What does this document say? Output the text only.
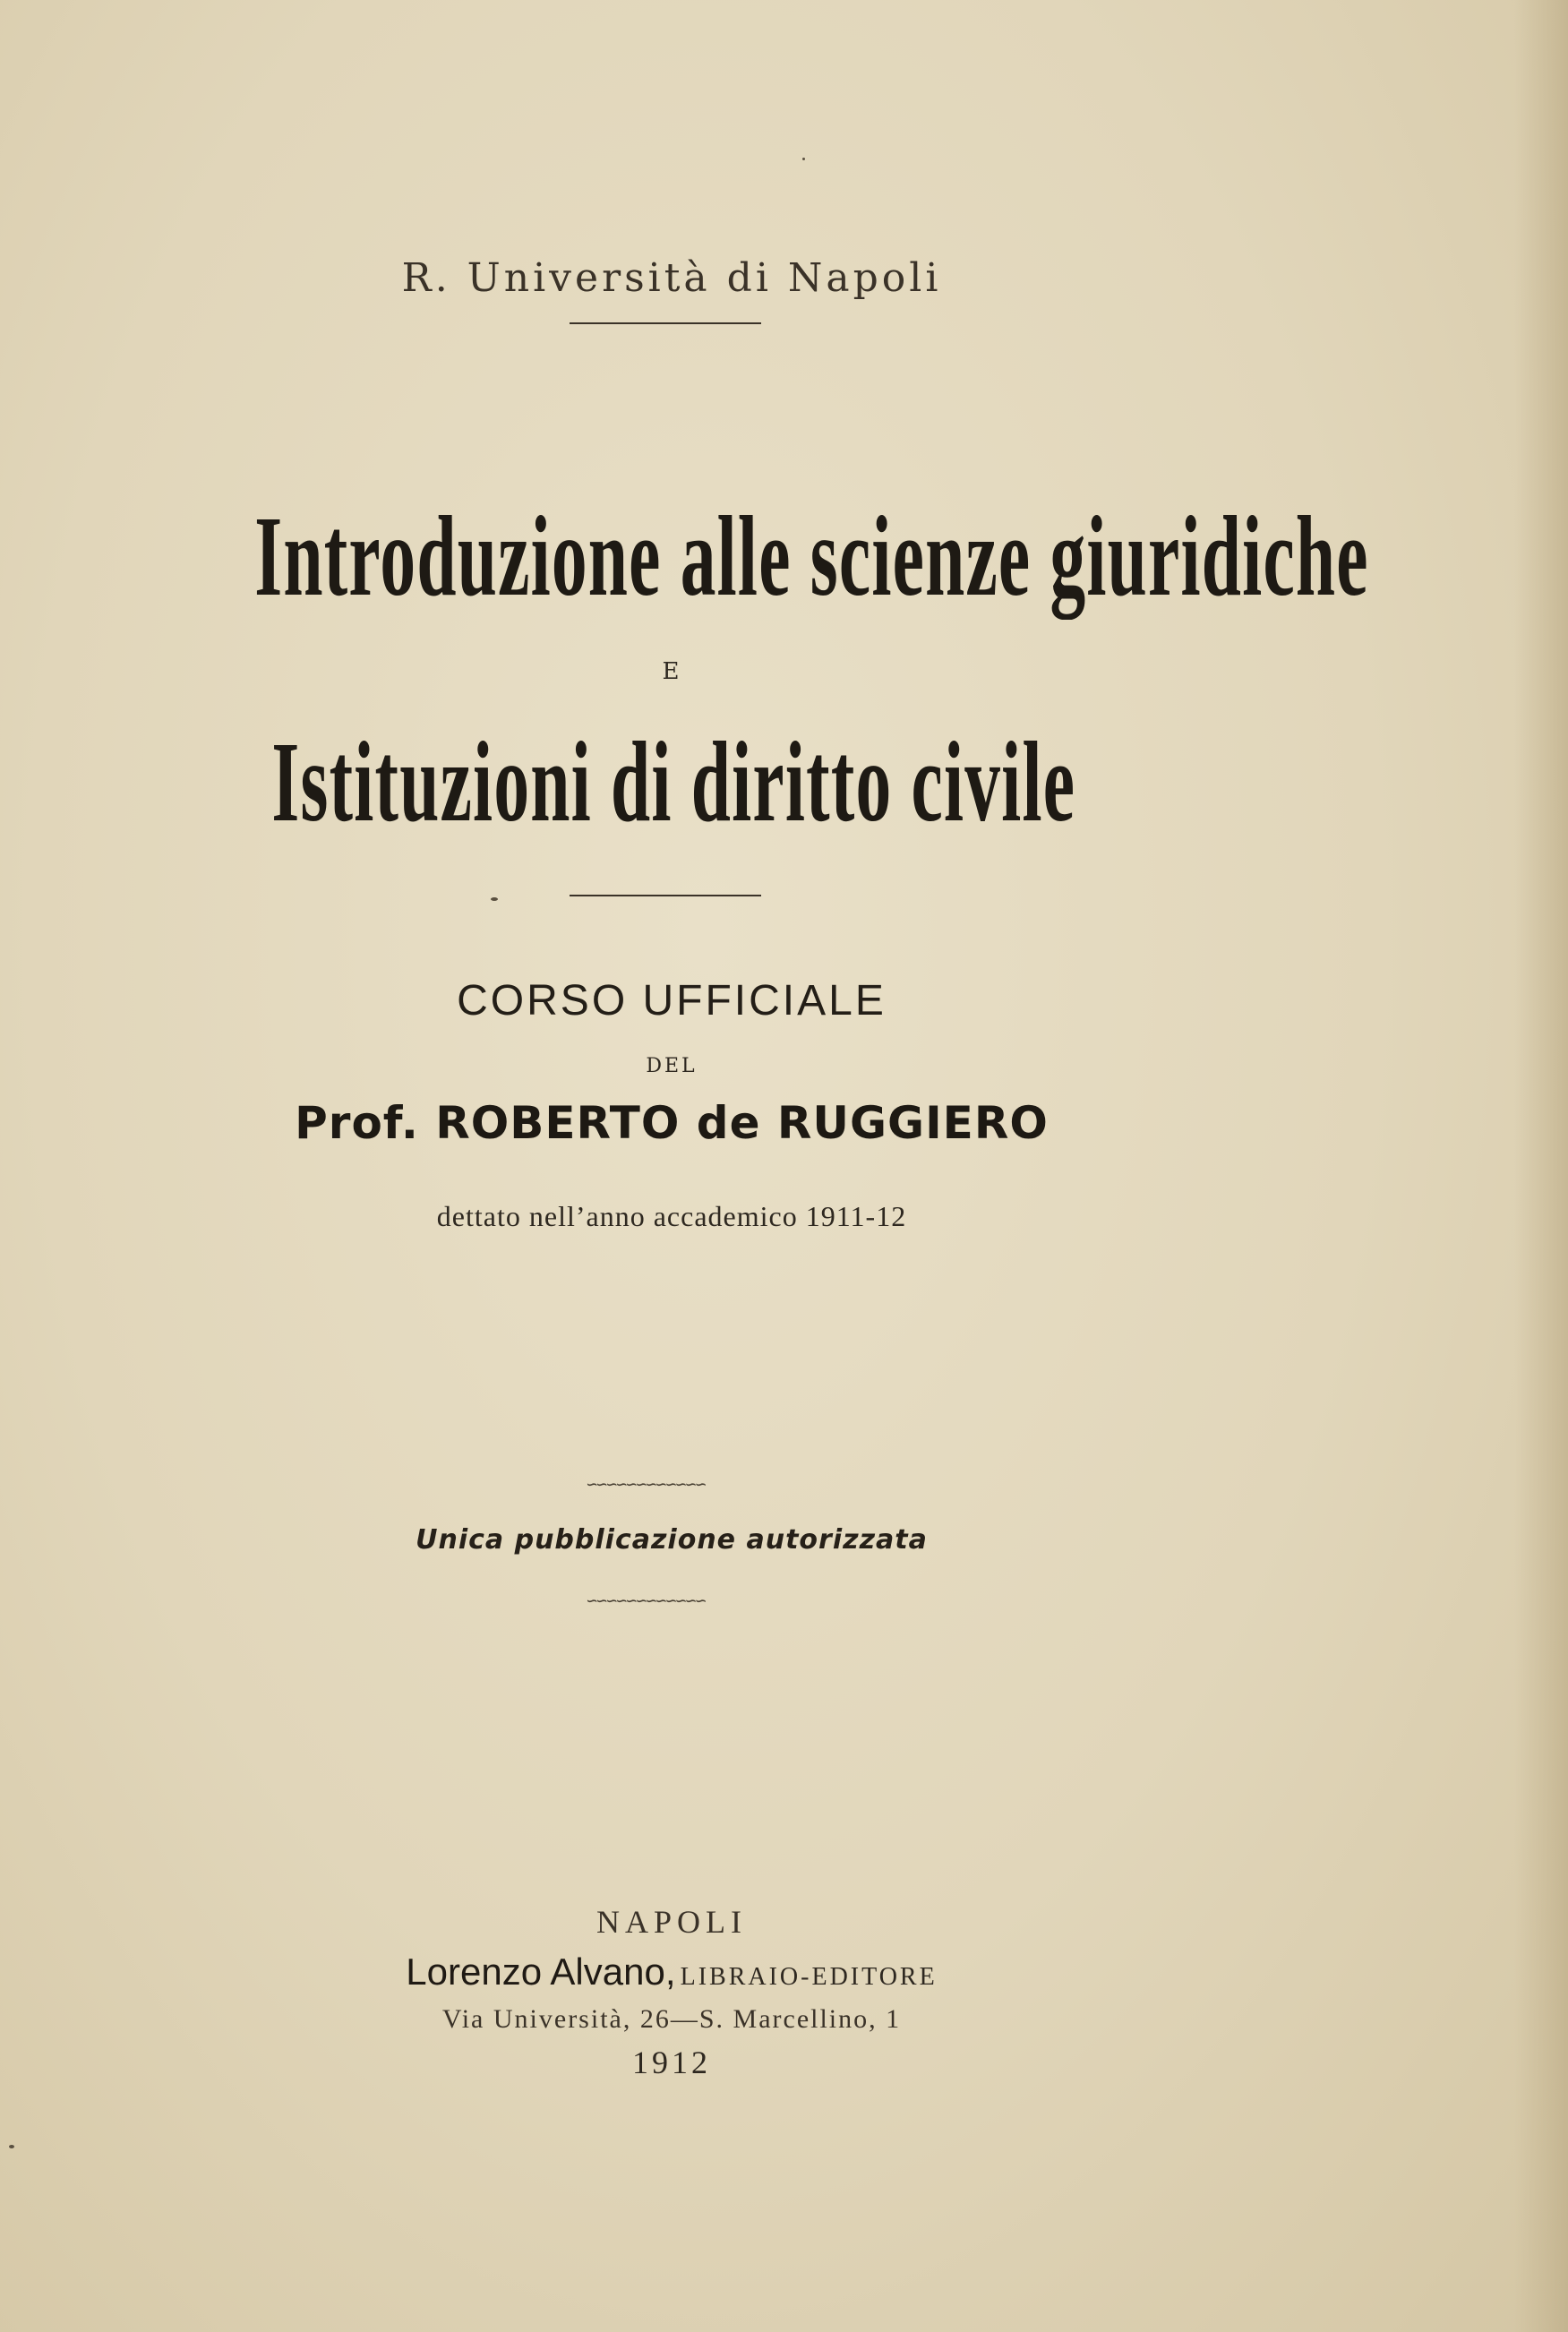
R. Università di Napoli
Introduzione alle scienze giuridiche
E
Istituzioni di diritto civile
CORSO UFFICIALE
DEL
Prof. ROBERTO de RUGGIERO
dettato nell’anno accademico 1911-12
∽∽∽∽∽∽∽∽∽∽∽∽
Unica pubblicazione autorizzata
∽∽∽∽∽∽∽∽∽∽∽∽
NAPOLI
Lorenzo Alvano, LIBRAIO-EDITORE
Via Università, 26—S. Marcellino, 1
1912
